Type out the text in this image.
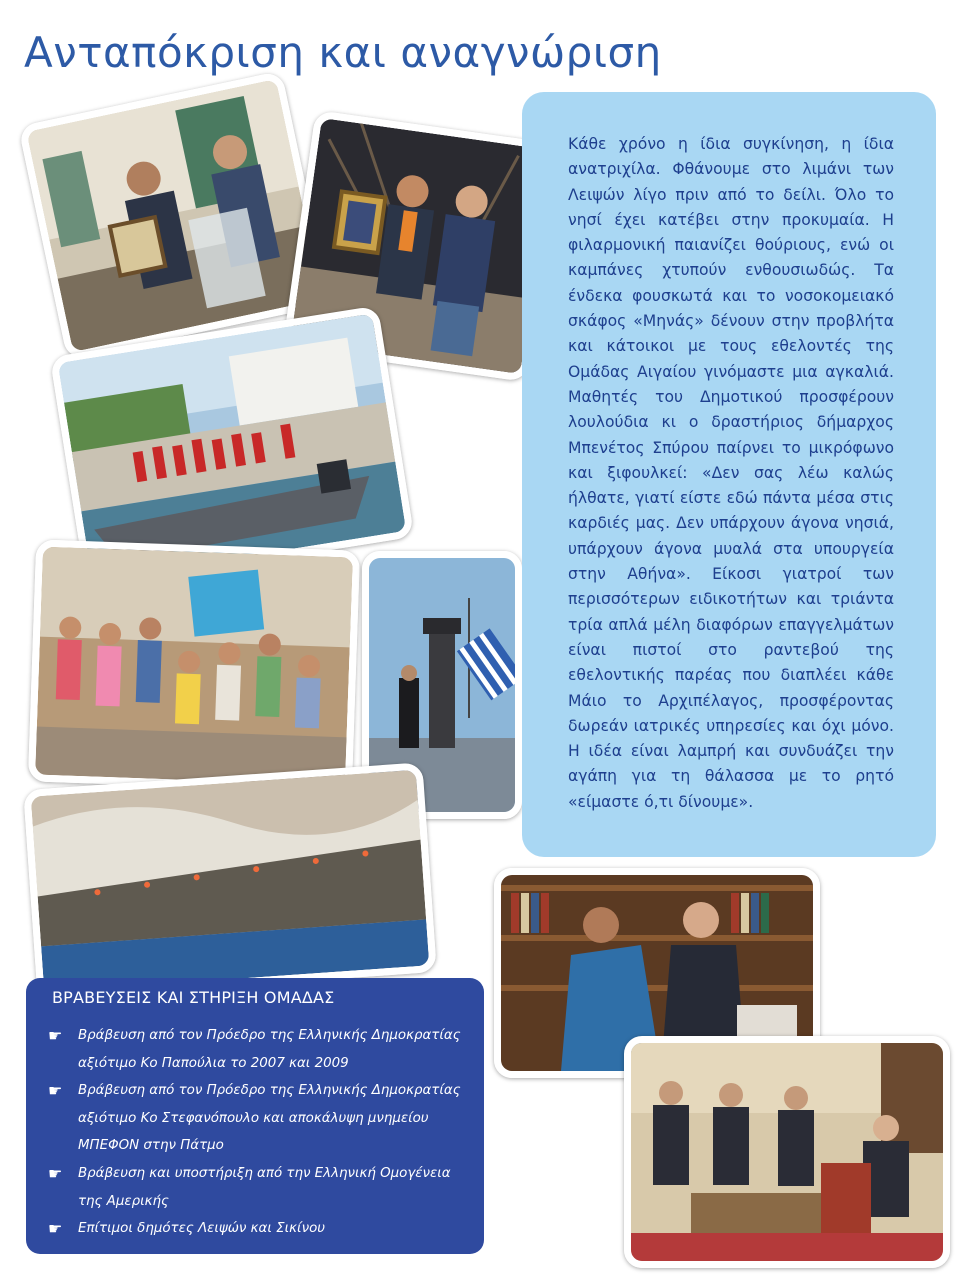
Ανταπόκριση και αναγνώριση

Κάθε χρόνο η ίδια συγκίνηση, η ίδια ανατριχίλα. Φθάνουμε στο λιμάνι των Λειψών λίγο πριν από το δείλι. Όλο το νησί έχει κατέβει στην προκυμαία. Η φιλαρμονική παιανίζει θούριους, ενώ οι καμπάνες χτυπούν ενθουσιωδώς. Τα ένδεκα φουσκωτά και το νοσοκομειακό σκάφος «Μηνάς» δένουν στην προβλήτα και κάτοικοι με τους εθελοντές της Ομάδας Αιγαίου γινόμαστε μια αγκαλιά. Μαθητές του Δημοτικού προσφέρουν λουλούδια κι ο δραστήριος δήμαρχος Μπενέτος Σπύρου παίρνει το μικρόφωνο και ξιφουλκεί: «Δεν σας λέω καλώς ήλθατε, γιατί είστε εδώ πάντα μέσα στις καρδιές μας. Δεν υπάρχουν άγονα νησιά, υπάρχουν άγονα μυαλά στα υπουργεία στην Αθήνα». Είκοσι γιατροί των περισσότερων ειδικοτήτων και τριάντα τρία απλά μέλη διαφόρων επαγγελμάτων είναι πιστοί στο ραντεβού της εθελοντικής παρέας που διαπλέει κάθε Μάιο το Αρχιπέλαγος, προσφέροντας δωρεάν ιατρικές υπηρεσίες και όχι μόνο. Η ιδέα είναι λαμπρή και συνδυάζει την αγάπη για τη θάλασσα με το ρητό «είμαστε ό,τι δίνουμε».

ΒΡΑΒΕΥΣΕΙΣ ΚΑΙ ΣΤΗΡΙΞΗ ΟΜΑΔΑΣ
☛ Βράβευση από τον Πρόεδρο της Ελληνικής Δημοκρατίας αξιότιμο Κο Παπούλια το 2007 και 2009
☛ Βράβευση από τον Πρόεδρο της Ελληνικής Δημοκρατίας αξιότιμο Κο Στεφανόπουλο και αποκάλυψη μνημείου ΜΠΕΦΟΝ στην Πάτμο
☛ Βράβευση και υποστήριξη από την Ελληνική Ομογένεια της Αμερικής
☛ Επίτιμοι δημότες Λειψών και Σικίνου
